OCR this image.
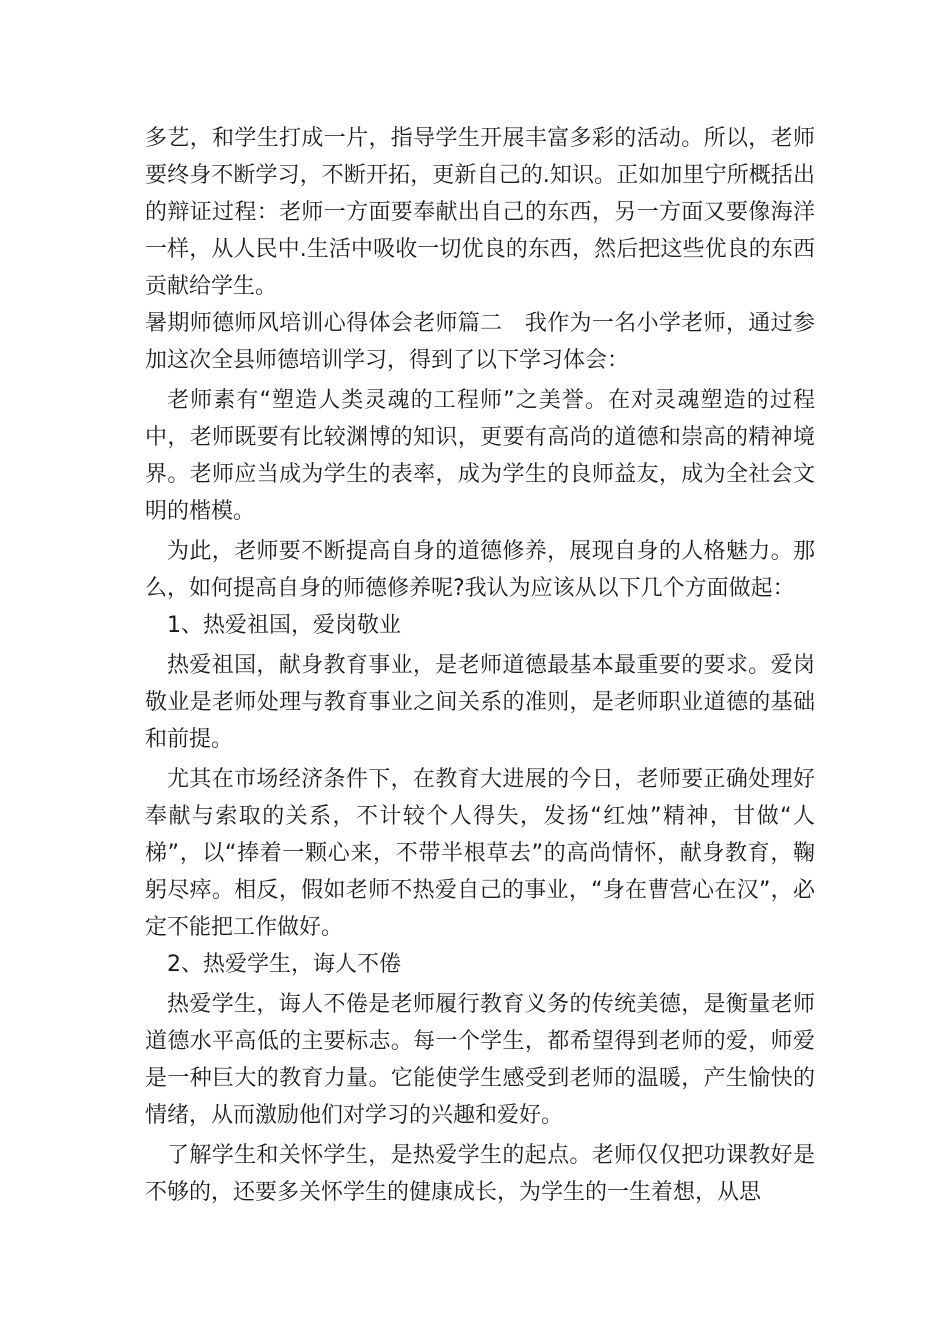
多艺，和学生打成一片，指导学生开展丰富多彩的活动。所以，老师要终身不断学习，不断开拓，更新自己的.知识。正如加里宁所概括出的辩证过程：老师一方面要奉献出自己的东西，另一方面又要像海洋一样，从人民中.生活中吸收一切优良的东西，然后把这些优良的东西贡献给学生。

暑期师德师风培训心得体会老师篇二　我作为一名小学老师，通过参加这次全县师德培训学习，得到了以下学习体会：

老师素有“塑造人类灵魂的工程师”之美誉。在对灵魂塑造的过程中，老师既要有比较渊博的知识，更要有高尚的道德和崇高的精神境界。老师应当成为学生的表率，成为学生的良师益友，成为全社会文明的楷模。

为此，老师要不断提高自身的道德修养，展现自身的人格魅力。那么，如何提高自身的师德修养呢?我认为应该从以下几个方面做起：

1、热爱祖国，爱岗敬业

热爱祖国，献身教育事业，是老师道德最基本最重要的要求。爱岗敬业是老师处理与教育事业之间关系的准则，是老师职业道德的基础和前提。

尤其在市场经济条件下，在教育大进展的今日，老师要正确处理好奉献与索取的关系，不计较个人得失，发扬“红烛”精神，甘做“人梯”，以“捧着一颗心来，不带半根草去”的高尚情怀，献身教育，鞠躬尽瘁。相反，假如老师不热爱自己的事业，“身在曹营心在汉”，必定不能把工作做好。

2、热爱学生，诲人不倦

热爱学生，诲人不倦是老师履行教育义务的传统美德，是衡量老师道德水平高低的主要标志。每一个学生，都希望得到老师的爱，师爱是一种巨大的教育力量。它能使学生感受到老师的温暖，产生愉快的情绪，从而激励他们对学习的兴趣和爱好。

了解学生和关怀学生，是热爱学生的起点。老师仅仅把功课教好是不够的，还要多关怀学生的健康成长，为学生的一生着想，从思
